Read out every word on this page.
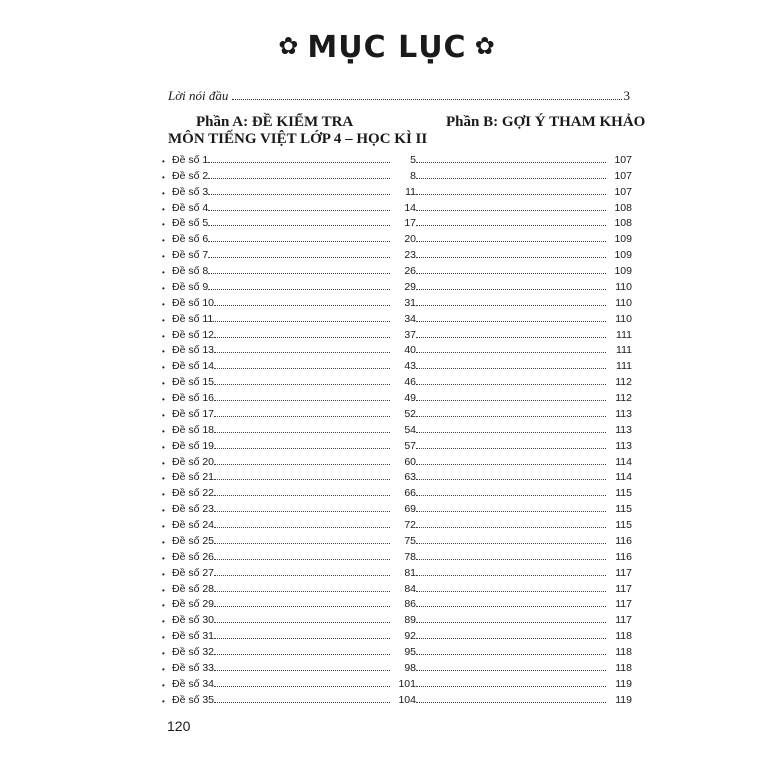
✿ MỤC LỤC ✿
Lời nói đầu	3
Phần A: ĐỀ KIỂM TRA
MÔN TIẾNG VIỆT LỚP 4 – HỌC KÌ II
Phần B: GỢI Ý THAM KHẢO
• Đề số 1	5	107
• Đề số 2	8	107
• Đề số 3	11	107
• Đề số 4	14	108
• Đề số 5	17	108
• Đề số 6	20	109
• Đề số 7	23	109
• Đề số 8	26	109
• Đề số 9	29	110
• Đề số 10	31	110
• Đề số 11	34	110
• Đề số 12	37	111
• Đề số 13	40	111
• Đề số 14	43	111
• Đề số 15	46	112
• Đề số 16	49	112
• Đề số 17	52	113
• Đề số 18	54	113
• Đề số 19	57	113
• Đề số 20	60	114
• Đề số 21	63	114
• Đề số 22	66	115
• Đề số 23	69	115
• Đề số 24	72	115
• Đề số 25	75	116
• Đề số 26	78	116
• Đề số 27	81	117
• Đề số 28	84	117
• Đề số 29	86	117
• Đề số 30	89	117
• Đề số 31	92	118
• Đề số 32	95	118
• Đề số 33	98	118
• Đề số 34	101	119
• Đề số 35	104	119
120
